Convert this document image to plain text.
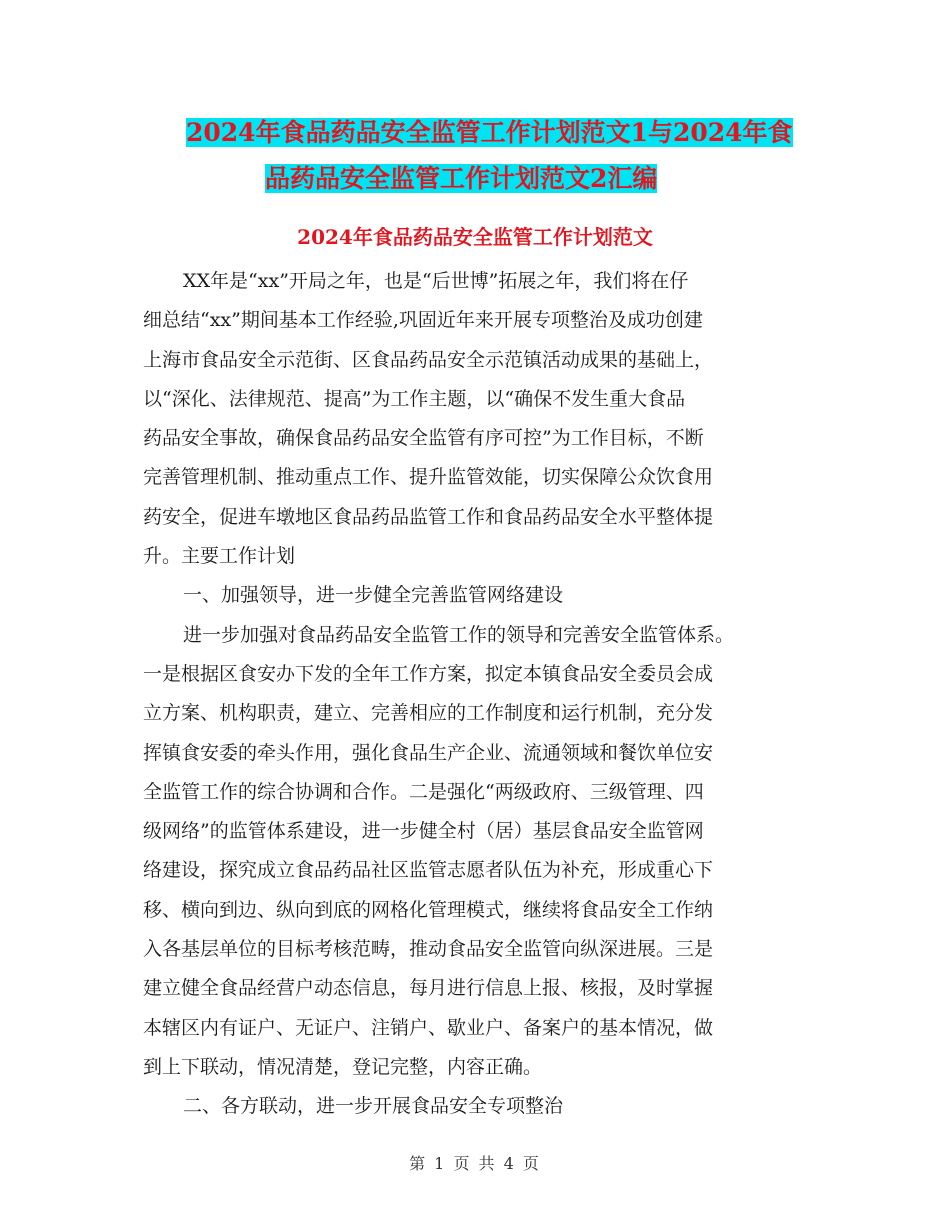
2024年食品药品安全监管工作计划范文1与2024年食
品药品安全监管工作计划范文2汇编
2024年食品药品安全监管工作计划范文
XX年是“xx”开局之年，也是“后世博”拓展之年，我们将在仔
细总结“xx”期间基本工作经验,巩固近年来开展专项整治及成功创建
上海市食品安全示范街、区食品药品安全示范镇活动成果的基础上，
以“深化、法律规范、提高”为工作主题，以“确保不发生重大食品
药品安全事故，确保食品药品安全监管有序可控”为工作目标，不断
完善管理机制、推动重点工作、提升监管效能，切实保障公众饮食用
药安全，促进车墩地区食品药品监管工作和食品药品安全水平整体提
升。主要工作计划
一、加强领导，进一步健全完善监管网络建设
进一步加强对食品药品安全监管工作的领导和完善安全监管体系。
一是根据区食安办下发的全年工作方案，拟定本镇食品安全委员会成
立方案、机构职责，建立、完善相应的工作制度和运行机制，充分发
挥镇食安委的牵头作用，强化食品生产企业、流通领域和餐饮单位安
全监管工作的综合协调和合作。二是强化“两级政府、三级管理、四
级网络”的监管体系建设，进一步健全村（居）基层食品安全监管网
络建设，探究成立食品药品社区监管志愿者队伍为补充，形成重心下
移、横向到边、纵向到底的网格化管理模式，继续将食品安全工作纳
入各基层单位的目标考核范畴，推动食品安全监管向纵深进展。三是
建立健全食品经营户动态信息，每月进行信息上报、核报，及时掌握
本辖区内有证户、无证户、注销户、歇业户、备案户的基本情况，做
到上下联动，情况清楚，登记完整，内容正确。
二、各方联动，进一步开展食品安全专项整治
第 1 页 共 4 页
